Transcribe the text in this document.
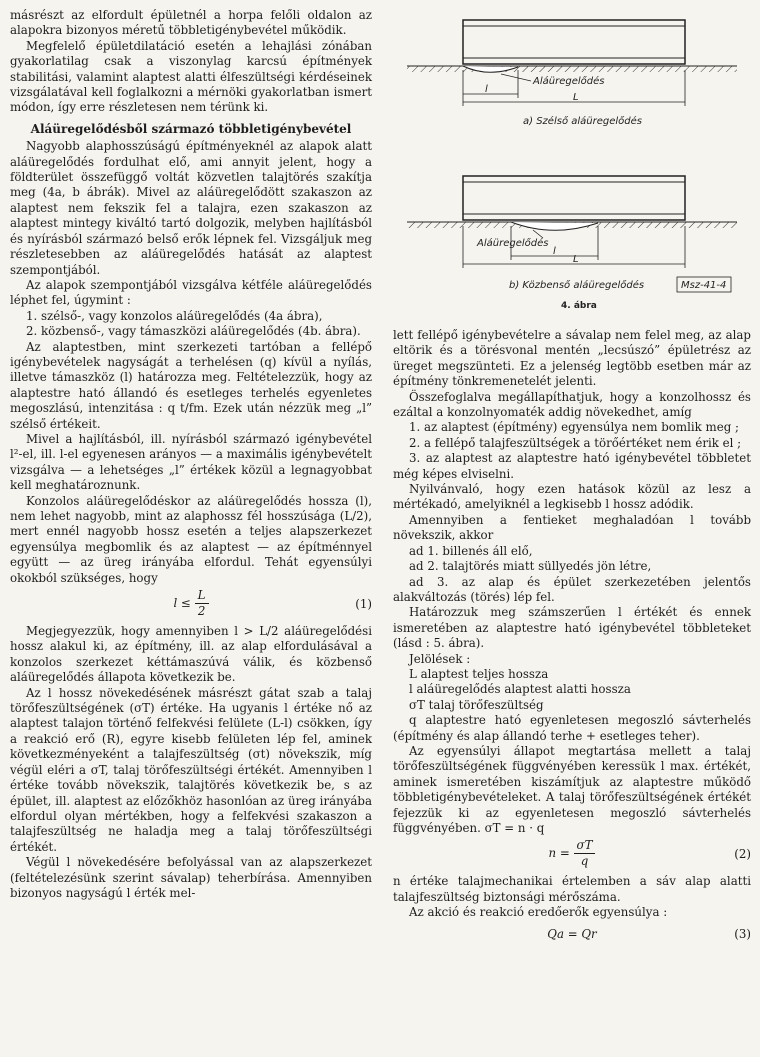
másrészt az elfordult épületnél a horpa felőli oldalon az alapokra bizonyos méretű többletigénybevétel működik.

Megfelelő épületdilatáció esetén a lehajlási zónában gyakorlatilag csak a viszonylag karcsú építmények stabilitási, valamint alaptest alatti élfeszültségi kérdéseinek vizsgálatával kell foglalkozni a mérnöki gyakorlatban ismert módon, így erre részletesen nem térünk ki.

Aláüregelődésből származó többletigénybevétel

Nagyobb alaphosszúságú építményeknél az alapok alatt aláüregelődés fordulhat elő, ami annyit jelent, hogy a földterület összefüggő voltát közvetlen talajtörés szakítja meg (4a, b ábrák). Mivel az aláüregelődött szakaszon az alaptest nem fekszik fel a talajra, ezen szakaszon az alaptest mintegy kiváltó tartó dolgozik, melyben hajlításból és nyírásból származó belső erők lépnek fel. Vizsgáljuk meg részletesebben az aláüregelődés hatását az alaptest szempontjából.

Az alapok szempontjából vizsgálva kétféle aláüregelődés léphet fel, úgymint :

1. szélső-, vagy konzolos aláüregelődés (4a ábra),

2. közbenső-, vagy támaszközi aláüregelődés (4b. ábra).

Az alaptestben, mint szerkezeti tartóban a fellépő igénybevételek nagyságát a terhelésen (q) kívül a nyílás, illetve támaszköz (l) határozza meg. Feltételezzük, hogy az alaptestre ható állandó és esetleges terhelés egyenletes megoszlású, intenzitása : q t/fm. Ezek után nézzük meg „l” szélső értékeit.

Mivel a hajlításból, ill. nyírásból származó igénybevétel l²-el, ill. l-el egyenesen arányos — a maximális igénybevételt vizsgálva — a lehetséges „l” értékek közül a legnagyobbat kell meghatároznunk.

Konzolos aláüregelődéskor az aláüregelődés hossza (l), nem lehet nagyobb, mint az alaphossz fél hosszúsága (L/2), mert ennél nagyobb hossz esetén a teljes alapszerkezet egyensúlya megbomlik és az alaptest — az építménnyel együtt — az üreg irányába elfordul. Tehát egyensúlyi okokból szükséges, hogy

$l \le \frac{L}{2}$	(1)

Megjegyezzük, hogy amennyiben l > L/2 aláüregelődési hossz alakul ki, az építmény, ill. az alap elfordulásával a konzolos szerkezet kéttámaszúvá válik, és közbenső aláüregelődés állapota következik be.

Az l hossz növekedésének másrészt gátat szab a talaj törőfeszültségének (σT) értéke. Ha ugyanis l értéke nő az alaptest talajon történő felfekvési felülete (L-l) csökken, így a reakció erő (R), egyre kisebb felületen lép fel, aminek következményeként a talajfeszültség (σt) növekszik, míg végül eléri a σT, talaj törőfeszültségi értékét. Amennyiben l értéke tovább növekszik, talajtörés következik be, s az épület, ill. alaptest az előzőkhöz hasonlóan az üreg irányába elfordul olyan mértékben, hogy a felfekvési szakaszon a talajfeszültség ne haladja meg a talaj törőfeszültségi értékét.

Végül l növekedésére befolyással van az alapszerkezet (feltételezésünk szerint sávalap) teherbírása. Amennyiben bizonyos nagyságú l érték mel-

Aláüregelődés
l
L
a) Szélső aláüregelődés
Aláüregelődés
l
L
b) Közbenső aláüregelődés	Msz-41-4
4. ábra

lett fellépő igénybevételre a sávalap nem felel meg, az alap eltörik és a törésvonal mentén „lecsúszó” épületrész az üreget megszünteti. Ez a jelenség legtöbb esetben már az építmény tönkremenetelét jelenti.

Összefoglalva megállapíthatjuk, hogy a konzolhossz és ezáltal a konzolnyomaték addig növekedhet, amíg

1. az alaptest (építmény) egyensúlya nem bomlik meg ;

2. a fellépő talajfeszültségek a törőértéket nem érik el ;

3. az alaptest az alaptestre ható igénybevétel többletet még képes elviselni.

Nyilvánvaló, hogy ezen hatások közül az lesz a mértékadó, amelyiknél a legkisebb l hossz adódik.

Amennyiben a fentieket meghaladóan l tovább növekszik, akkor

ad 1. billenés áll elő,

ad 2. talajtörés miatt süllyedés jön létre,

ad 3. az alap és épület szerkezetében jelentős alakváltozás (törés) lép fel.

Határozzuk meg számszerűen l értékét és ennek ismeretében az alaptestre ható igénybevétel többleteket (lásd : 5. ábra).

Jelölések :

L alaptest teljes hossza

l aláüregelődés alaptest alatti hossza

σT talaj törőfeszültség

q alaptestre ható egyenletesen megoszló sávterhelés (építmény és alap állandó terhe + esetleges teher).

Az egyensúlyi állapot megtartása mellett a talaj törőfeszültségének függvényében keressük l max. értékét, aminek ismeretében kiszámítjuk az alaptestre működő többletigénybevételeket. A talaj törőfeszültségének értékét fejezzük ki az egyenletesen megoszló sávterhelés függvényében. σT = n · q

$n = \frac{\sigma T}{q}$	(2)

n értéke talajmechanikai értelemben a sáv alap alatti talajfeszültség biztonsági mérőszáma.

Az akció és reakció eredőerők egyensúlya :

Qa = Qr	(3)
